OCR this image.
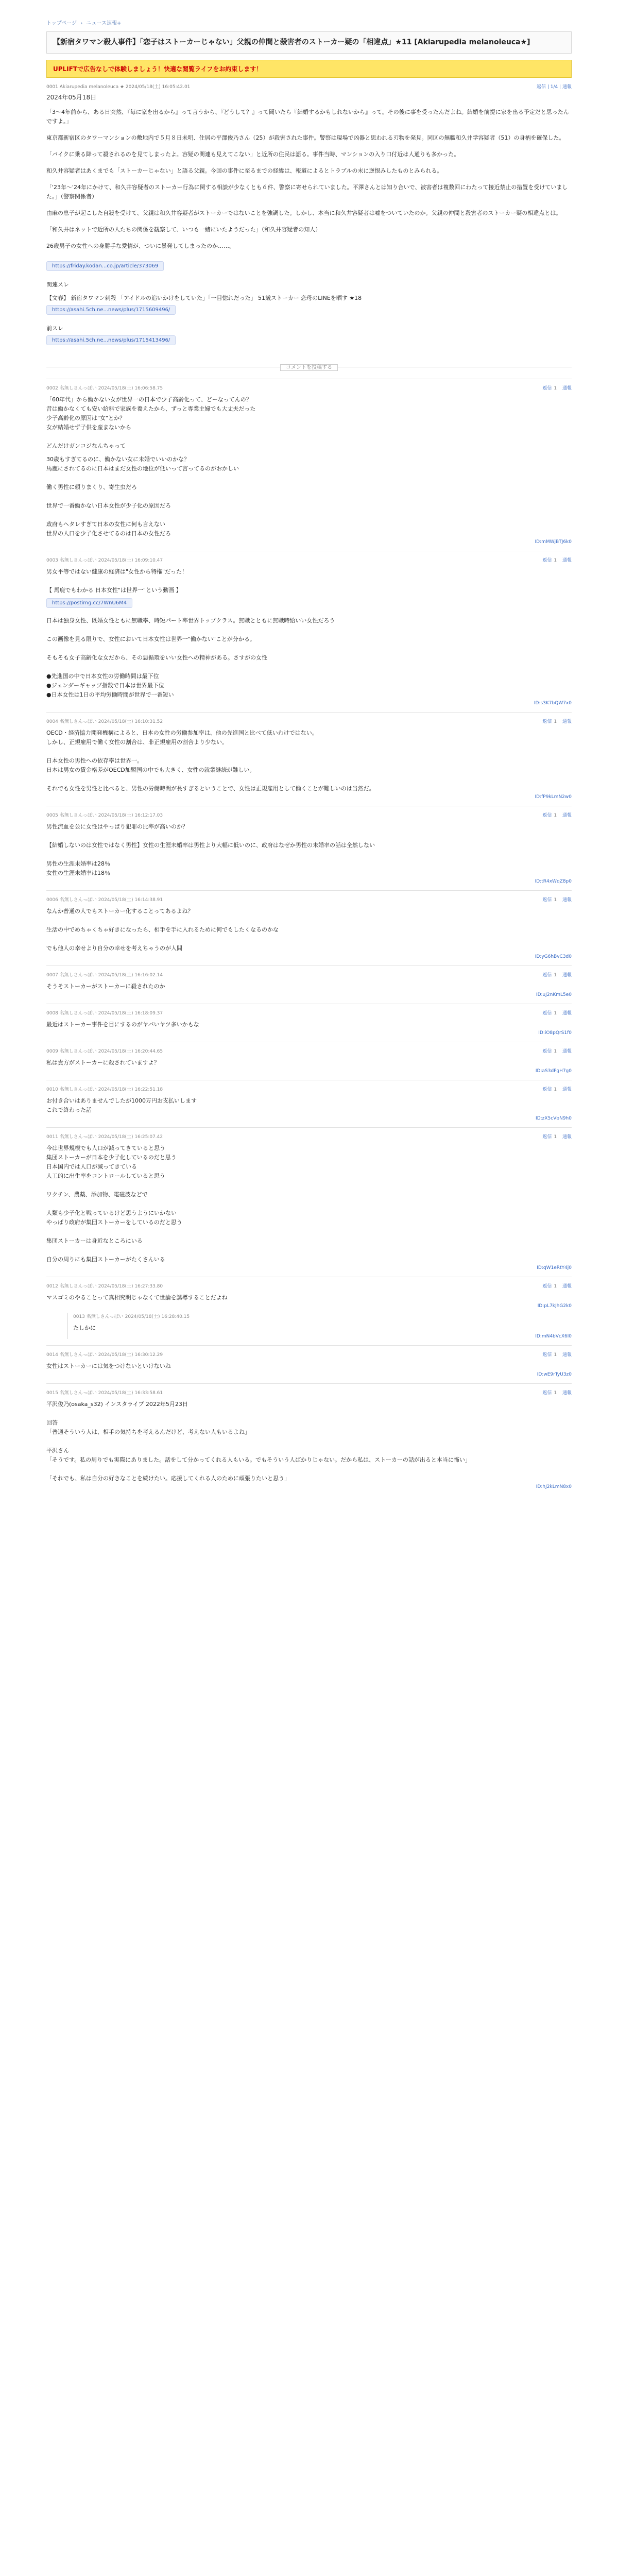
トップページ › ニュース速報+
【新宿タワマン殺人事件】「恋子はストーカーじゃない」父親の仲間と殺害者のストーカー疑の「相違点」★11 [Akiarupedia melanoleuca★]
UPLIFTで広告なしで体験しましょう！快適な閲覧ライフをお約束します！
0001 Akiarupedia melanoleuca ★ 2024/05/18(土) 16:05:42.01	返信 | 1/4 | 通報
2024年05月18日

「3～4年前から、ある日突然、『毎に家を出るから』って言うから、『どうして？』って聞いたら『結婚するかもしれないから』って。その後に事を受ったんだよね。結婚を前提に家を出る予定だと思ったんですよ。」

東京都新宿区のタワーマンションの敷地内で５月８日未明、住居の平澤俊乃さん（25）が殺害された事件。警察は現場で凶器と思われる刃物を発見。同区の無職和久井学容疑者（51）の身柄を確保した。

「パイクに乗る降って殺されるのを見てしまったよ。容疑の関連も見えてこない」と近所の住民は語る。事件当時、マンションの入り口付近は人通りも多かった。

和久井容疑者はあくまでも「ストーカーじゃない」と語る父親。今回の事件に至るまでの経緯は、報道によるとトラブルの末に逆恨みしたものとみられる。

「'23年～'24年にかけて、和久井容疑者のストーカー行為に関する相談が少なくとも６件、警察に寄せられていました。平澤さんとは知り合いで、被害者は複数回にわたって接近禁止の措置を受けていました。」（警察関係者）

由麻の息子が起こした自殺を受けて、父親は和久井容疑者がストーカーではないことを強調した。しかし、本当に和久井容疑者は嘘をついていたのか。父親の仲間と殺害者のストーカー疑の相違点とは。

「和久井はネットで近所の人たちの関係を観察して、いつも一緒にいたようだった」（和久井容疑者の知人）

26歳男子の女性への身勝手な愛情が、ついに暴発してしまったのか……。

https://friday.kodan...co.jp/article/373069
関連スレ
【文春】 新宿タワマン刺殺 「アイドルの追いかけをしていた」「一目惚れだった」 51歳ストーカー 恋母のLINEを晒す ★18
https://asahi.5ch.ne...news/plus/1715609496/
前スレ
https://asahi.5ch.ne...news/plus/1715413496/
コメントを投稿する
0002 名無しさんっぽい 2024/05/18(土) 16:06:58.75	返信 1 通報
「60年代」から働かない女が世界一の日本で少子高齢化って、どーなってんの？
昔は働かなくても安い給料で家族を養えたから、ずっと専業主婦でも大丈夫だった
少子高齢化の原因は"女"とか？
女が結婚せず子供を産まないから

どんだけガンコジなんちゃって
30歳もすぎてるのに、働かない女に未婚でいいのかな？
馬鹿にされてるのに日本はまだ女性の地位が低いって言ってるのがおかしい

働く男性に頼りまくり、寄生虫だろ

世界で一番働かない日本女性が少子化の原因だろ

政府もヘタレすぎて日本の女性に何も言えない
世界の人口を少子化させてるのは日本の女性だろ
ID:mMWjBTJ6k0
0003 名無しさんっぽい 2024/05/18(土) 16:09:10.47	返信 1 通報
男女平等ではない健康の経済は"女性から特権"だった！

【 馬鹿でもわかる 日本女性"は世界一"という動画 】
https://postimg.cc/7WnU6M4
日本は独身女性、既婚女性ともに無職率、時短パート率世界トップクラス。無職とともに無職時給いい女性だろう

この画像を見る限りで、女性において日本女性は世界一"働かない"ことが分かる。

そもそも女子高齢化な女だから、その悪循環をいい女性への精神がある。さすがの女性

●先進国の中で日本女性の労働時間は最下位
●ジェンダーギャップ指数で日本は世界最下位
●日本女性は1日の平均労働時間が世界で一番短い
ID:s3K7bQW7x0
0004 名無しさんっぽい 2024/05/18(土) 16:10:31.52	返信 1 通報
OECD・経済協力開発機構によると、日本の女性の労働参加率は、他の先進国と比べて低いわけではない。
しかし、正規雇用で働く女性の割合は、非正規雇用の割合より少ない。

日本女性の男性への依存率は世界一。
日本は男女の賃金格差がOECD加盟国の中でも大きく、女性の就業継続が難しい。

それでも女性を男性と比べると、男性の労働時間が長すぎるということで、女性は正規雇用として働くことが難しいのは当然だ。
ID:fP9kLmN2w0
0005 名無しさんっぽい 2024/05/18(土) 16:12:17.03	返信 1 通報
男性流血を公に女性はやっぱり犯罪の比率が高いのか？

【結婚しないのは女性ではなく男性】女性の生涯未婚率は男性より大幅に低いのに、政府はなぜか男性の未婚率の話は全然しない

男性の生涯未婚率は28％
女性の生涯未婚率は18％
ID:tR4xWqZ8p0
0006 名無しさんっぽい 2024/05/18(土) 16:14:38.91	返信 1 通報
なんか普通の人でもストーカー化することってあるよね？

生活の中でめちゃくちゃ好きになったら、相手を手に入れるために何でもしたくなるのかな

でも他人の幸せより自分の幸せを考えちゃうのが人間
ID:yG6hBvC3d0
0007 名無しさんっぽい 2024/05/18(土) 16:16:02.14	返信 1 通報
そうそストーカーがストーカーに殺されたのか
ID:uJ2nKmL5e0
0008 名無しさんっぽい 2024/05/18(土) 16:18:09.37	返信 1 通報
最近はストーカー事件を目にするのがヤバいヤツ多いかもな
ID:iO8pQrS1f0
0009 名無しさんっぽい 2024/05/18(土) 16:20:44.65	返信 1 通報
私は貴方がストーカーに殺されていますよ？
ID:aS3dFgH7g0
0010 名無しさんっぽい 2024/05/18(土) 16:22:51.18	返信 1 通報
お付き合いはありませんでしたが1000万円お支払いします
これで終わった話
ID:zX5cVbN9h0
0011 名無しさんっぽい 2024/05/18(土) 16:25:07.42	返信 1 通報
今は世界規模でも人口が減ってきていると思う
集団ストーカーが日本を少子化しているのだと思う
日本国内では人口が減ってきている
人工的に出生率をコントロールしていると思う

ワクチン、農薬、添加物、電磁波などで

人類も少子化と戦っているけど思うようにいかない
やっぱり政府が集団ストーカーをしているのだと思う

集団ストーカーは身近なところにいる

自分の周りにも集団ストーカーがたくさんいる
ID:qW1eRtY4j0
0012 名無しさんっぽい 2024/05/18(土) 16:27:33.80	返信 1 通報
マスゴミのやることって真相究明じゃなくて世論を誘導することだよね
ID:pL7kJhG2k0
0013 名無しさんっぽい 2024/05/18(土) 16:28:40.15
たしかに
ID:mN4bVcX6l0
0014 名無しさんっぽい 2024/05/18(土) 16:30:12.29	返信 1 通報
女性はストーカーには気をつけないといけないね
ID:wE9rTyU3z0
0015 名無しさんっぽい 2024/05/18(土) 16:33:58.61	返信 1 通報
平沢俊乃(osaka_s32) インスタライブ 2022年5月23日

回答
「普通そういう人は、相手の気持ちを考えるんだけど、考えない人もいるよね」

平沢さん
「そうです。私の周りでも実際にありました。話をして分かってくれる人もいる。でもそういう人ばかりじゃない。だから私は、ストーカーの話が出ると本当に怖い」

「それでも、私は自分の好きなことを続けたい。応援してくれる人のために頑張りたいと思う」
ID:hJ2kLmN8x0
